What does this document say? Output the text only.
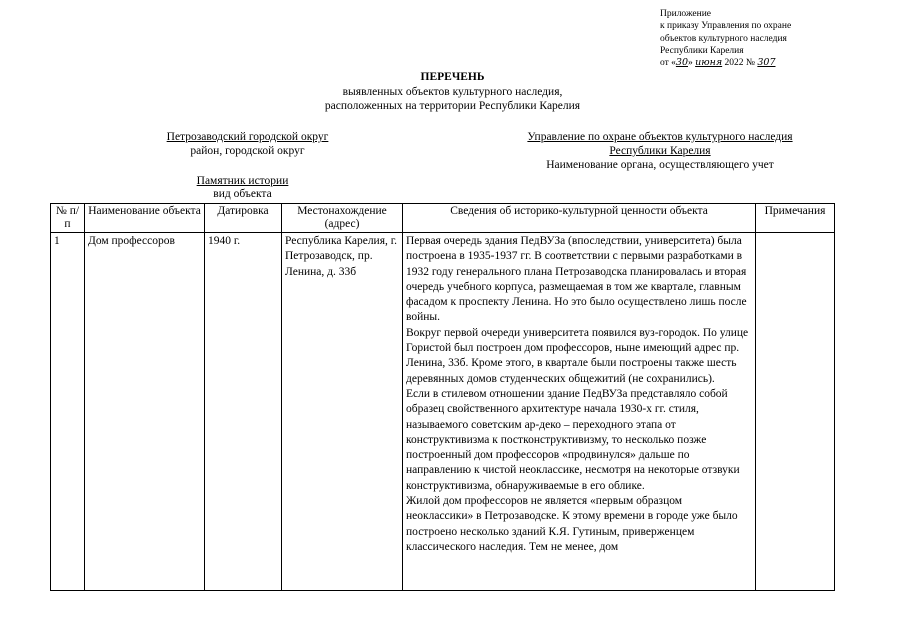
Приложение
к приказу Управления по охране
объектов культурного наследия
Республики Карелия
от «30» июня 2022 № 307
ПЕРЕЧЕНЬ
выявленных объектов культурного наследия,
расположенных на территории Республики Карелия
Петрозаводский городской округ
район, городской округ
Управление по охране объектов культурного наследия
Республики Карелия
Наименование органа, осуществляющего учет
Памятник истории
вид объекта
№ п/п	Наименование объекта	Датировка	Местонахождение (адрес)	Сведения об историко-культурной ценности объекта	Примечания
1	Дом профессоров	1940 г.	Республика Карелия, г. Петрозаводск, пр. Ленина, д. 33б	Первая очередь здания ПедВУЗа (впоследствии, университета) была построена в 1935-1937 гг. В соответствии с первыми разработками в 1932 году генерального плана Петрозаводска планировалась и вторая очередь учебного корпуса, размещаемая в том же квартале, главным фасадом к проспекту Ленина. Но это было осуществлено лишь после войны.

Вокруг первой очереди университета появился вуз-городок. По улице Гористой был построен дом профессоров, ныне имеющий адрес пр. Ленина, 33б. Кроме этого, в квартале были построены также шесть деревянных домов студенческих общежитий (не сохранились).

Если в стилевом отношении здание ПедВУЗа представляло собой образец свойственного архитектуре начала 1930-х гг. стиля, называемого советским ар-деко – переходного этапа от конструктивизма к постконструктивизму, то несколько позже построенный дом профессоров «продвинулся» дальше по направлению к чистой неоклассике, несмотря на некоторые отзвуки конструктивизма, обнаруживаемые в его облике.

Жилой дом профессоров не является «первым образцом неоклассики» в Петрозаводске. К этому времени в городе уже было построено несколько зданий К.Я. Гутиным, приверженцем классического наследия. Тем не менее, дом	
